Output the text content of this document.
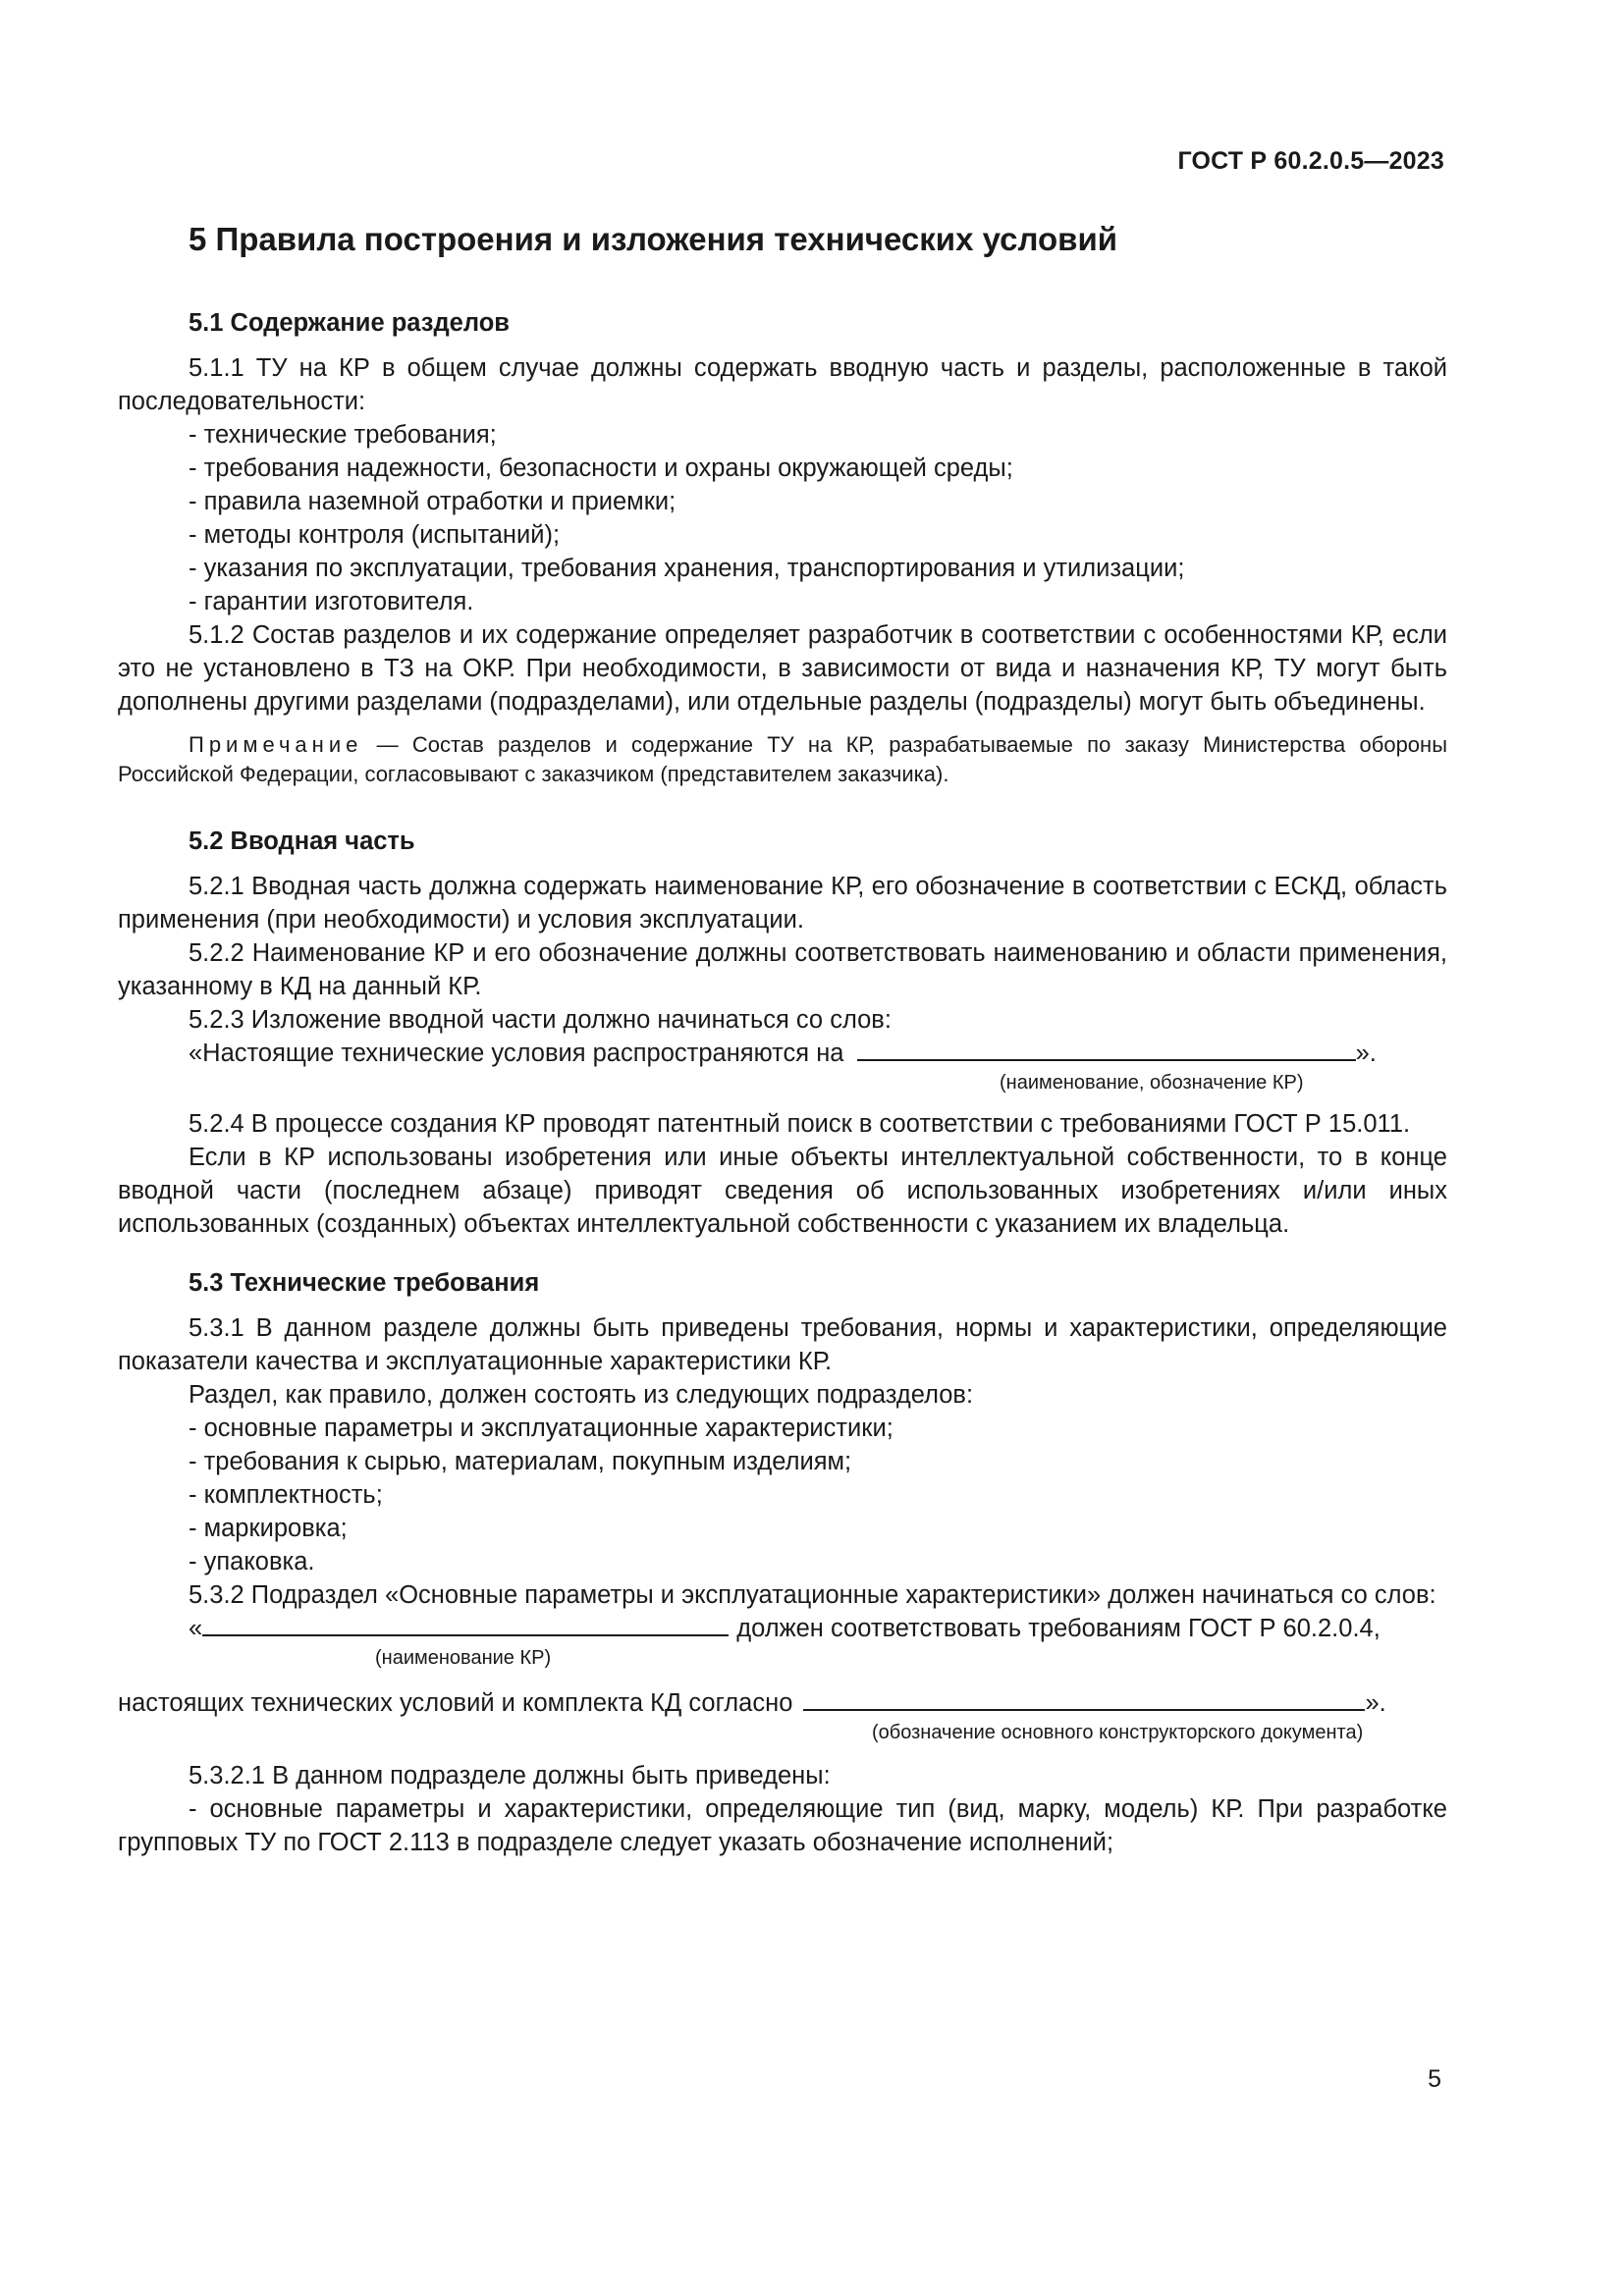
ГОСТ Р 60.2.0.5—2023
5 Правила построения и изложения технических условий
5.1 Содержание разделов

5.1.1 ТУ на КР в общем случае должны содержать вводную часть и разделы, расположенные в такой последовательности:

- технические требования;

- требования надежности, безопасности и охраны окружающей среды;

- правила наземной отработки и приемки;

- методы контроля (испытаний);

- указания по эксплуатации, требования хранения, транспортирования и утилизации;

- гарантии изготовителя.

5.1.2 Состав разделов и их содержание определяет разработчик в соответствии с особенностями КР, если это не установлено в ТЗ на ОКР. При необходимости, в зависимости от вида и назначения КР, ТУ могут быть дополнены другими разделами (подразделами), или отдельные разделы (подразделы) могут быть объединены.

Примечание — Состав разделов и содержание ТУ на КР, разрабатываемые по заказу Министерства обороны Российской Федерации, согласовывают с заказчиком (представителем заказчика).

5.2 Вводная часть

5.2.1 Вводная часть должна содержать наименование КР, его обозначение в соответствии с ЕСКД, область применения (при необходимости) и условия эксплуатации.

5.2.2 Наименование КР и его обозначение должны соответствовать наименованию и области применения, указанному в КД на данный КР.

5.2.3 Изложение вводной части должно начинаться со слов:

«Настоящие технические условия распространяются на	».
(наименование, обозначение КР)

5.2.4 В процессе создания КР проводят патентный поиск в соответствии с требованиями ГОСТ Р 15.011.

Если в КР использованы изобретения или иные объекты интеллектуальной собственности, то в конце вводной части (последнем абзаце) приводят сведения об использованных изобретениях и/или иных использованных (созданных) объектах интеллектуальной собственности с указанием их владельца.

5.3 Технические требования

5.3.1 В данном разделе должны быть приведены требования, нормы и характеристики, определяющие показатели качества и эксплуатационные характеристики КР.

Раздел, как правило, должен состоять из следующих подразделов:

- основные параметры и эксплуатационные характеристики;

- требования к сырью, материалам, покупным изделиям;

- комплектность;

- маркировка;

- упаковка.

5.3.2 Подраздел «Основные параметры и эксплуатационные характеристики» должен начинаться со слов:

«	должен соответствовать требованиям ГОСТ Р 60.2.0.4,
(наименование КР)
настоящих технических условий и комплекта КД согласно	».
(обозначение основного конструкторского документа)

5.3.2.1 В данном подразделе должны быть приведены:

- основные параметры и характеристики, определяющие тип (вид, марку, модель) КР. При разработке групповых ТУ по ГОСТ 2.113 в подразделе следует указать обозначение исполнений;

5
